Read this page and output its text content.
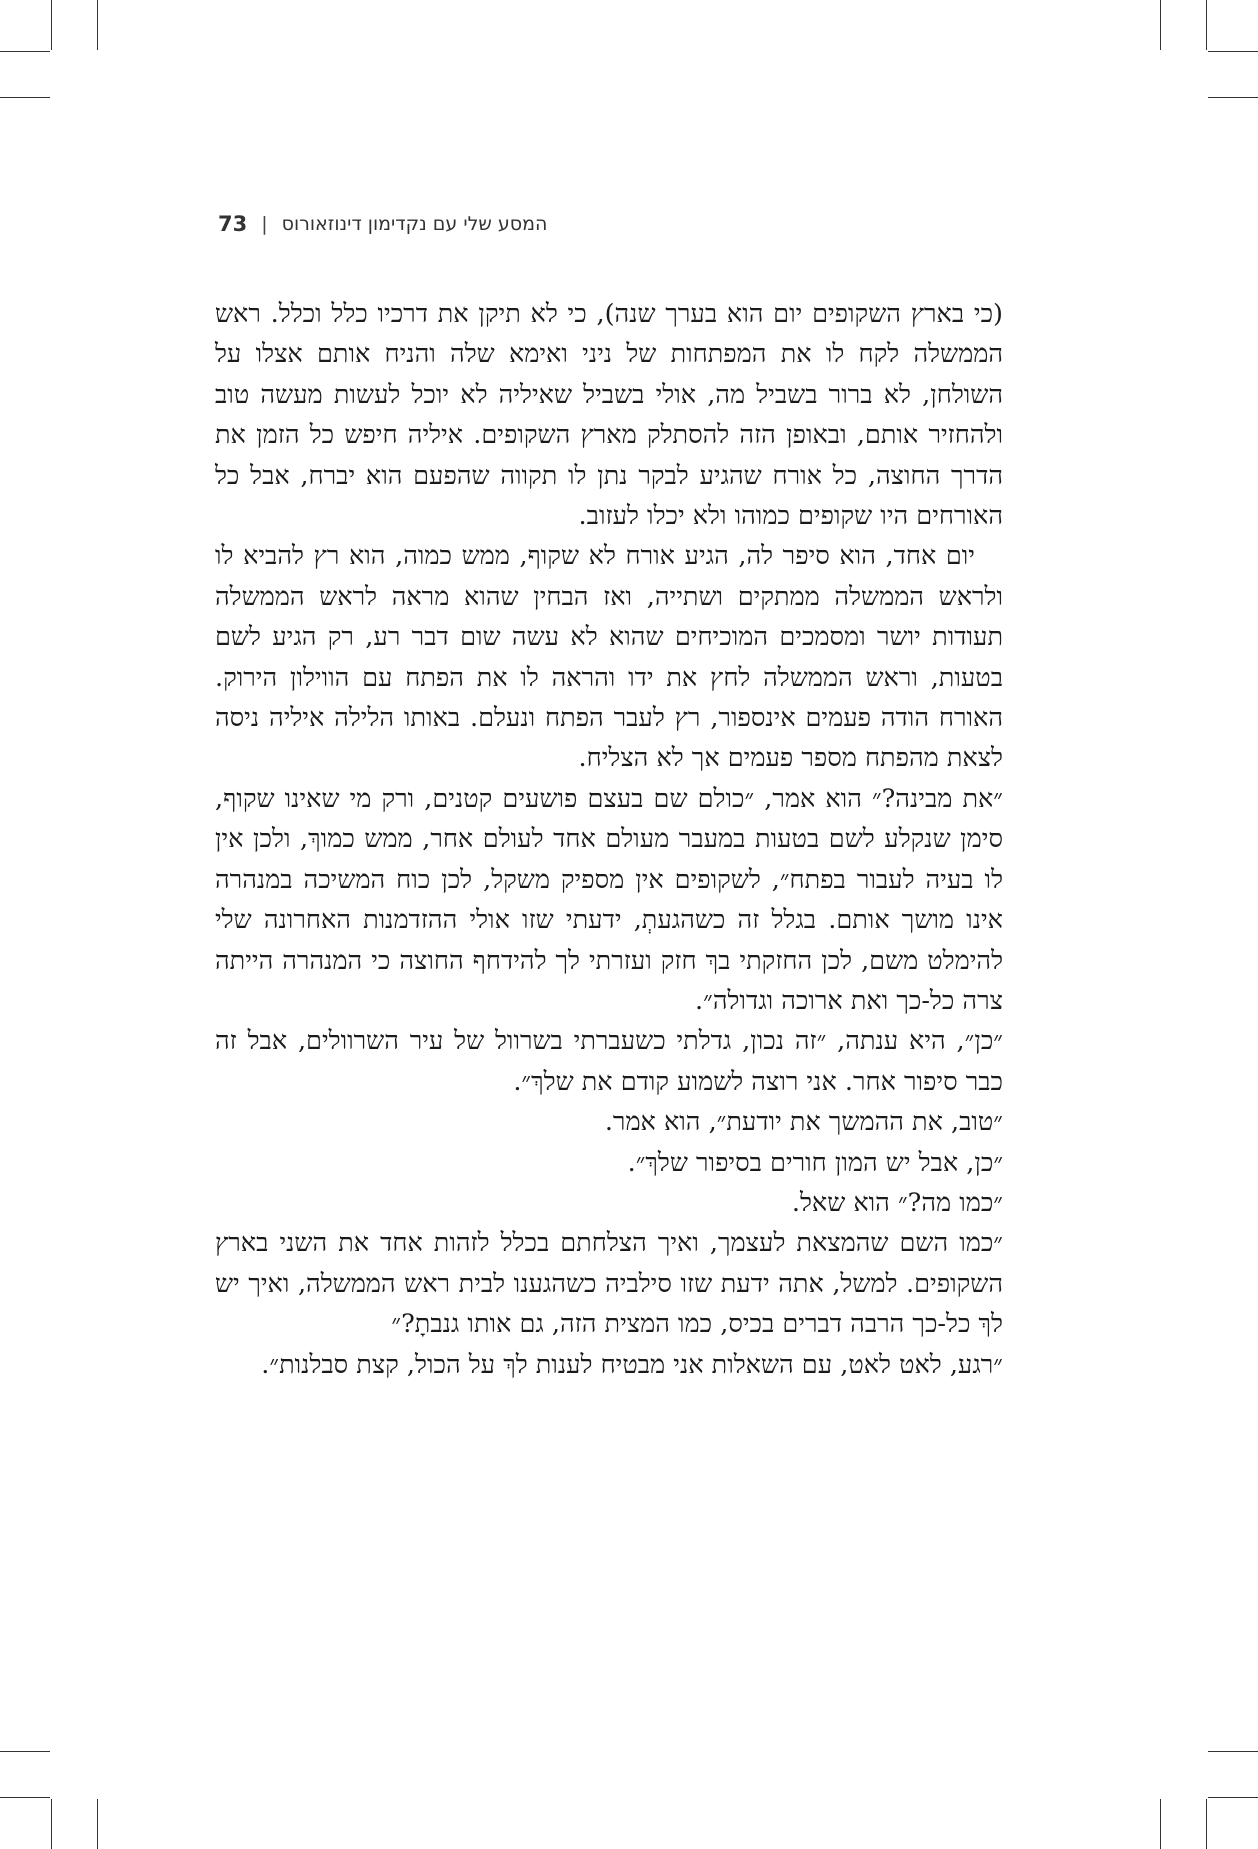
המסע שלי עם נקדימון דינוזאורוס
|
73

(כי בארץ השקופים יום הוא בערך שנה), כי לא תיקן את דרכיו כלל וכלל. ראש הממשלה לקח לו את המפתחות של ניני ואימא שלה והניח אותם אצלו על השולחן, לא ברור בשביל מה, אולי בשביל שאיליה לא יוכל לעשות מעשה טוב ולהחזיר אותם, ובאופן הזה להסתלק מארץ השקופים. איליה חיפש כל הזמן את הדרך החוצה, כל אורח שהגיע לבקר נתן לו תקווה שהפעם הוא יברח, אבל כל האורחים היו שקופים כמוהו ולא יכלו לעזוב.

יום אחד, הוא סיפר לה, הגיע אורח לא שקוף, ממש כמוה, הוא רץ להביא לו ולראש הממשלה ממתקים ושתייה, ואז הבחין שהוא מראה לראש הממשלה תעודות יושר ומסמכים המוכיחים שהוא לא עשה שום דבר רע, רק הגיע לשם בטעות, וראש הממשלה לחץ את ידו והראה לו את הפתח עם הווילון הירוק. האורח הודה פעמים אינספור, רץ לעבר הפתח ונעלם. באותו הלילה איליה ניסה לצאת מהפתח מספר פעמים אך לא הצליח.

״את מבינה?״ הוא אמר, ״כולם שם בעצם פושעים קטנים, ורק מי שאינו שקוף, סימן שנקלע לשם בטעות במעבר מעולם אחד לעולם אחר, ממש כמוךְ, ולכן אין לו בעיה לעבור בפתח״, לשקופים אין מספיק משקל, לכן כוח המשיכה במנהרה אינו מושך אותם. בגלל זה כשהגעתְ, ידעתי שזו אולי ההזדמנות האחרונה שלי להימלט משם, לכן החזקתי בךְ חזק ועזרתי לך להידחף החוצה כי המנהרה הייתה צרה כל-כך ואת ארוכה וגדולה״.

״כן״, היא ענתה, ״זה נכון, גדלתי כשעברתי בשרוול של עיר השרוולים, אבל זה כבר סיפור אחר. אני רוצה לשמוע קודם את שלךְ״.

״טוב, את ההמשך את יודעת״, הוא אמר.

״כן, אבל יש המון חורים בסיפור שלךְ״.

״כמו מה?״ הוא שאל.

״כמו השם שהמצאת לעצמך, ואיך הצלחתם בכלל לזהות אחד את השני בארץ השקופים. למשל, אתה ידעת שזו סילביה כשהגענו לבית ראש הממשלה, ואיך יש לךְ כל-כך הרבה דברים בכיס, כמו המצית הזה, גם אותו גנבתָ?״

״רגע, לאט לאט, עם השאלות אני מבטיח לענות לךְ על הכול, קצת סבלנות״.
